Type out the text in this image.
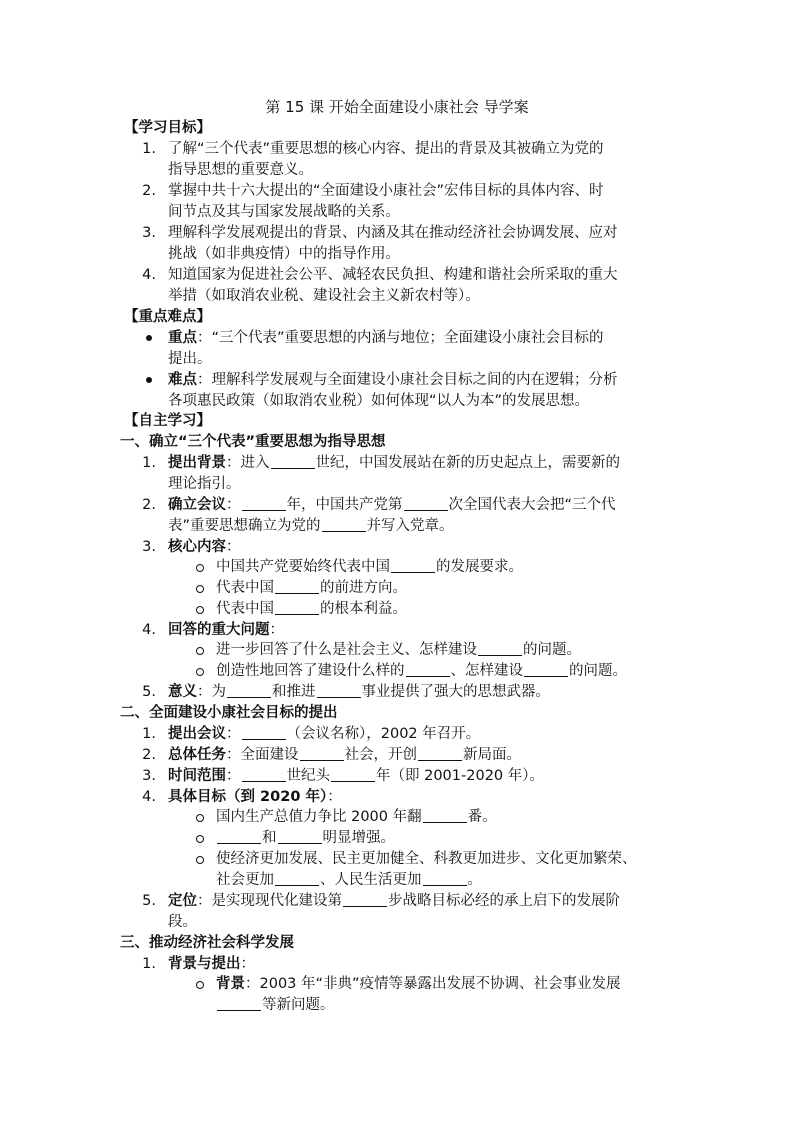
第 15 课 开始全面建设小康社会 导学案
【学习目标】
1. 了解“三个代表”重要思想的核心内容、提出的背景及其被确立为党的
指导思想的重要意义。
2. 掌握中共十六大提出的“全面建设小康社会”宏伟目标的具体内容、时
间节点及其与国家发展战略的关系。
3. 理解科学发展观提出的背景、内涵及其在推动经济社会协调发展、应对
挑战（如非典疫情）中的指导作用。
4. 知道国家为促进社会公平、减轻农民负担、构建和谐社会所采取的重大
举措（如取消农业税、建设社会主义新农村等）。
【重点难点】
重点：“三个代表”重要思想的内涵与地位；全面建设小康社会目标的
提出。
难点：理解科学发展观与全面建设小康社会目标之间的内在逻辑；分析
各项惠民政策（如取消农业税）如何体现“以人为本”的发展思想。
【自主学习】
一、确立“三个代表”重要思想为指导思想
1. 提出背景：进入	世纪，中国发展站在新的历史起点上，需要新的
理论指引。
2. 确立会议：	年，中国共产党第	次全国代表大会把“三个代
表”重要思想确立为党的	并写入党章。
3. 核心内容：
中国共产党要始终代表中国	的发展要求。
代表中国	的前进方向。
代表中国	的根本利益。
4. 回答的重大问题：
进一步回答了什么是社会主义、怎样建设	的问题。
创造性地回答了建设什么样的	、怎样建设	的问题。
5. 意义：为	和推进	事业提供了强大的思想武器。
二、全面建设小康社会目标的提出
1. 提出会议：	（会议名称），2002 年召开。
2. 总体任务：全面建设	社会，开创	新局面。
3. 时间范围：	世纪头	年（即 2001-2020 年）。
4. 具体目标（到 2020 年）：
国内生产总值力争比 2000 年翻	番。
和	明显增强。
使经济更加发展、民主更加健全、科教更加进步、文化更加繁荣、
社会更加	、人民生活更加	。
5. 定位：是实现现代化建设第	步战略目标必经的承上启下的发展阶
段。
三、推动经济社会科学发展
1. 背景与提出：
背景：2003 年“非典”疫情等暴露出发展不协调、社会事业发展
等新问题。
